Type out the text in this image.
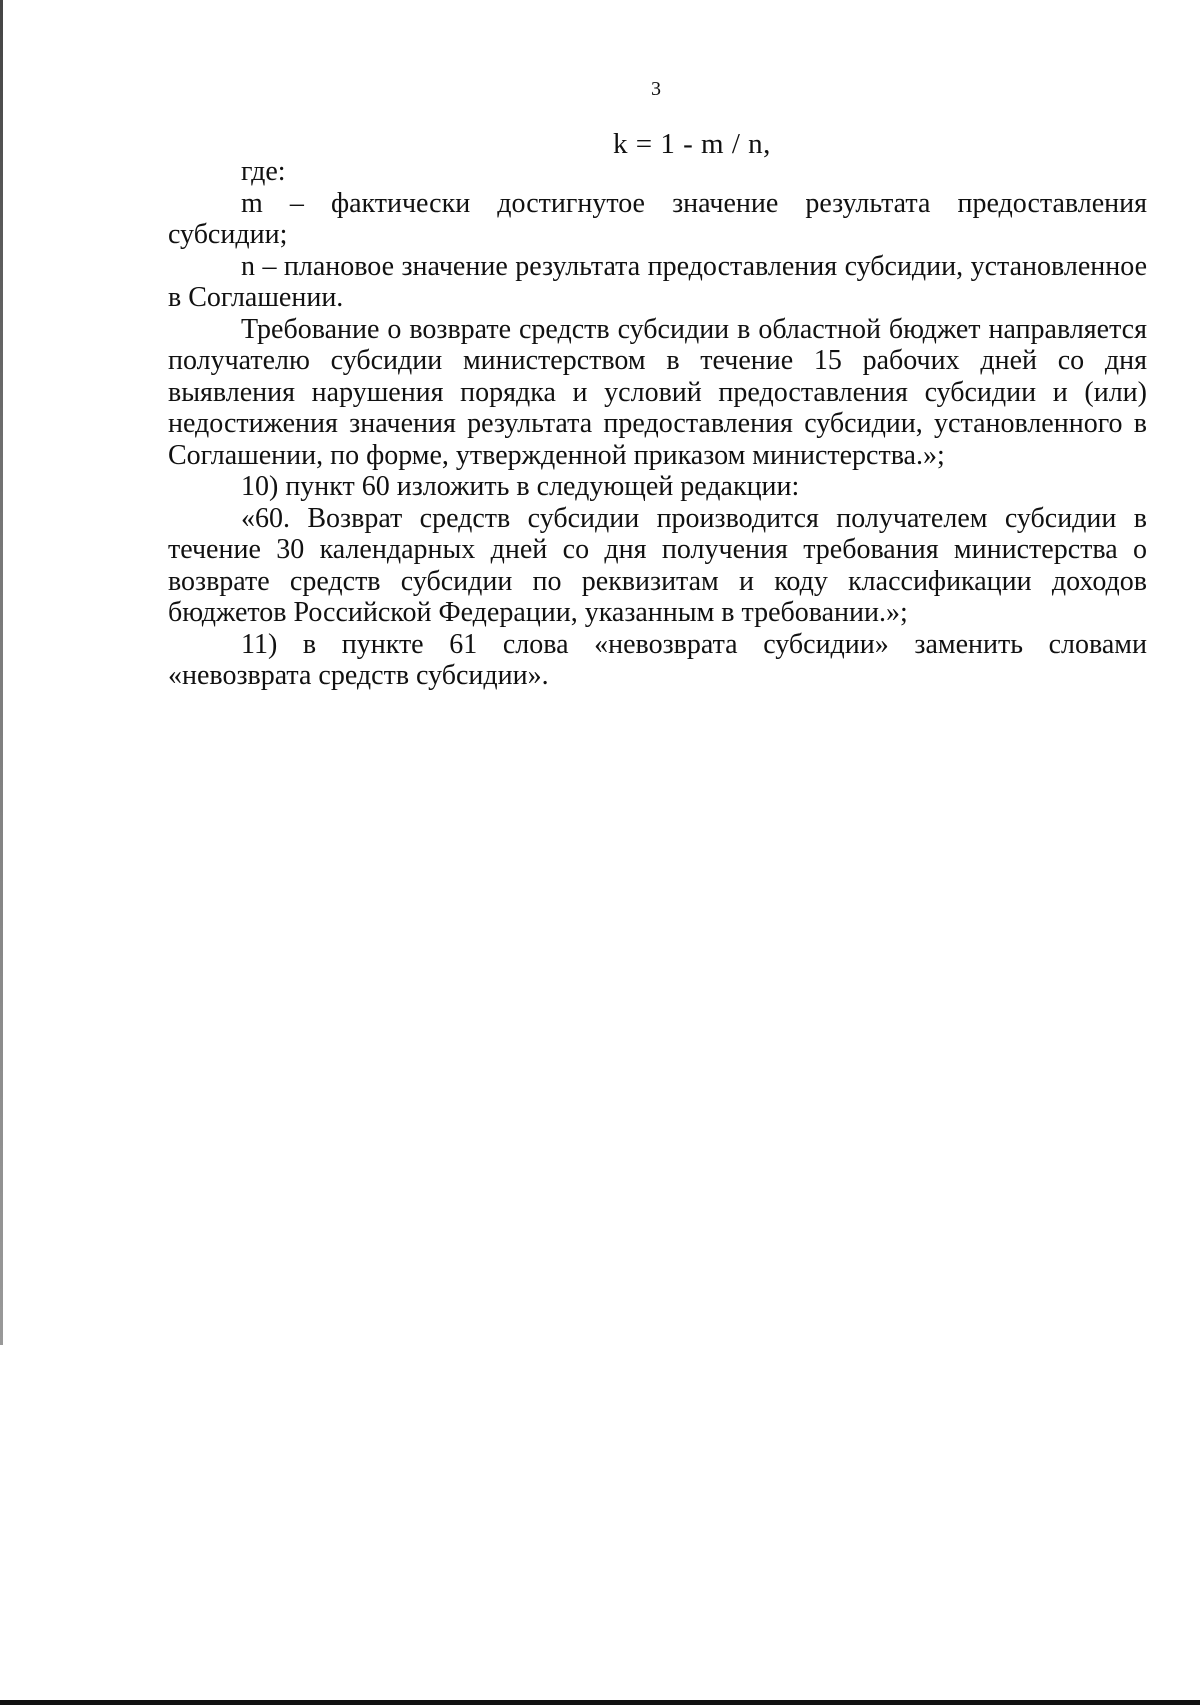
3
k = 1 - m / n,

где:

m – фактически достигнутое значение результата предоставления субсидии;

n – плановое значение результата предоставления субсидии, установленное в Соглашении.

Требование о возврате средств субсидии в областной бюджет направляется получателю субсидии министерством в течение 15 рабочих дней со дня выявления нарушения порядка и условий предоставления субсидии и (или) недостижения значения результата предоставления субсидии, установленного в Соглашении, по форме, утвержденной приказом министерства.»;

10) пункт 60 изложить в следующей редакции:

«60. Возврат средств субсидии производится получателем субсидии в течение 30 календарных дней со дня получения требования министерства о возврате средств субсидии по реквизитам и коду классификации доходов бюджетов Российской Федерации, указанным в требовании.»;

11) в пункте 61 слова «невозврата субсидии» заменить словами «невозврата средств субсидии».
